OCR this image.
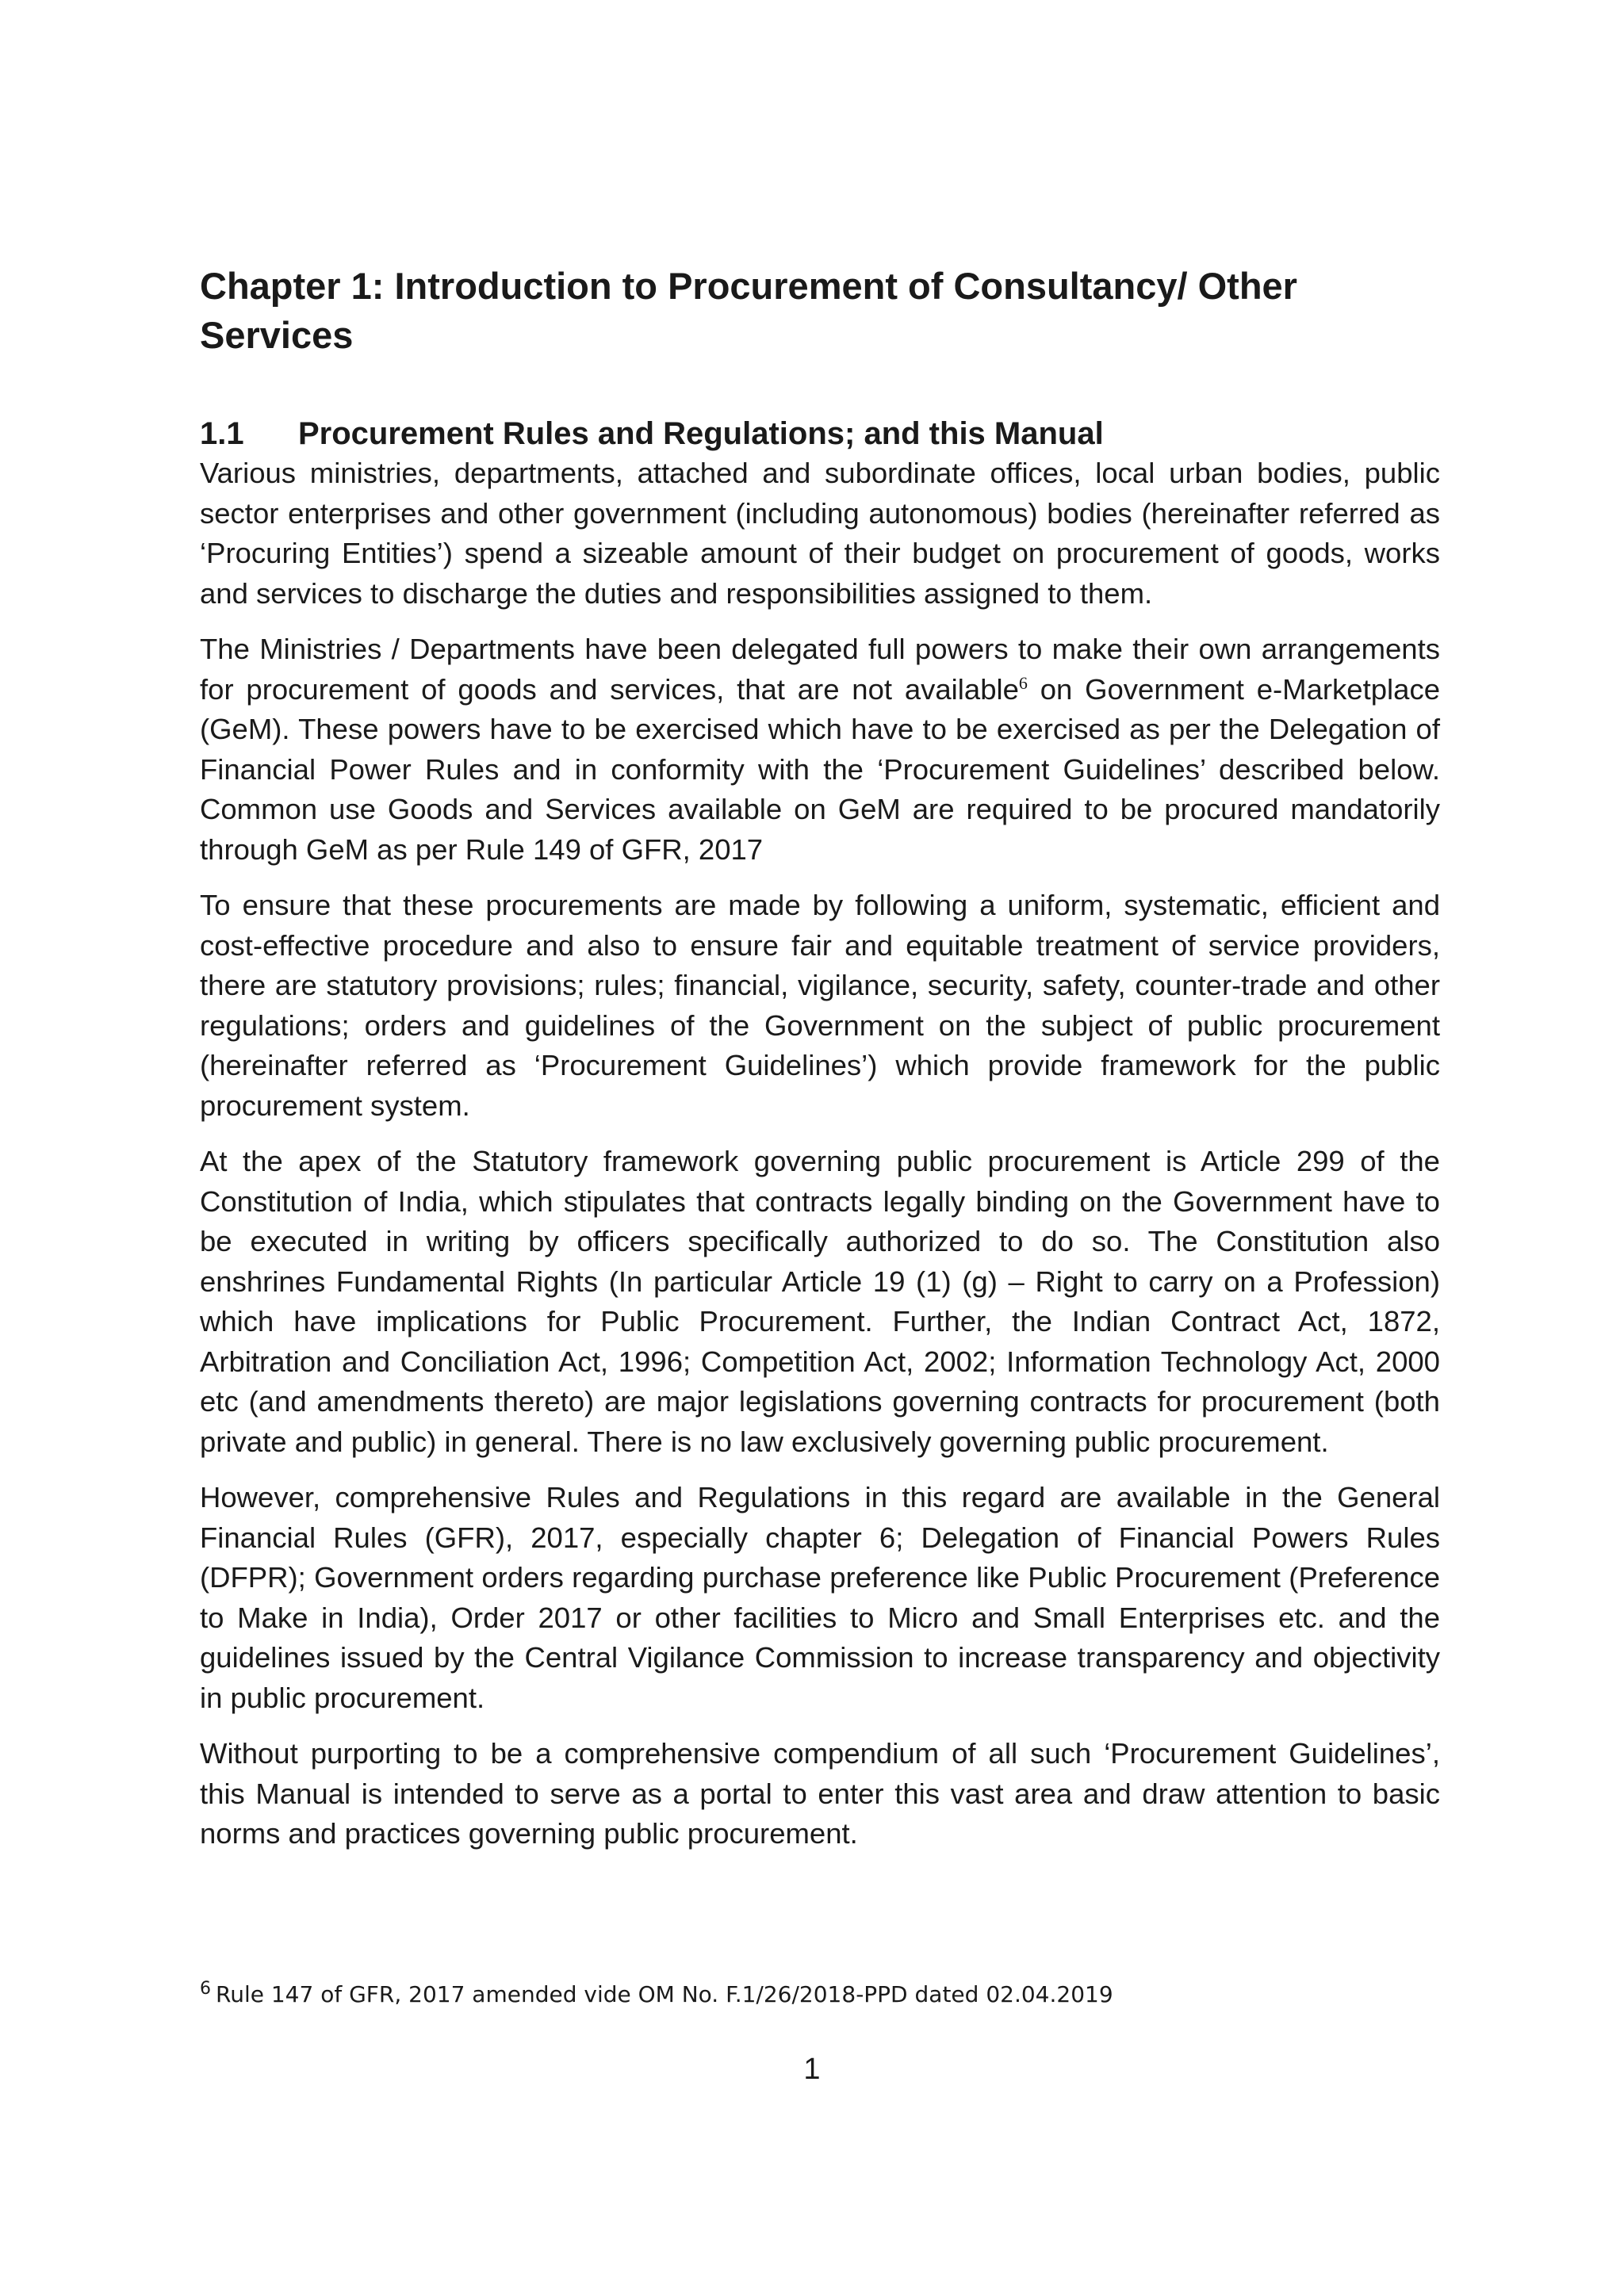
Chapter 1: Introduction to Procurement of Consultancy/ Other Services
1.1 Procurement Rules and Regulations; and this Manual

Various ministries, departments, attached and subordinate offices, local urban bodies, public sector enterprises and other government (including autonomous) bodies (hereinafter referred as ‘Procuring Entities’) spend a sizeable amount of their budget on procurement of goods, works and services to discharge the duties and responsibilities assigned to them.

The Ministries / Departments have been delegated full powers to make their own arrangements for procurement of goods and services, that are not available$^6$ on Government e-Marketplace (GeM). These powers have to be exercised which have to be exercised as per the Delegation of Financial Power Rules and in conformity with the ‘Procurement Guidelines’ described below. Common use Goods and Services available on GeM are required to be procured mandatorily through GeM as per Rule 149 of GFR, 2017

To ensure that these procurements are made by following a uniform, systematic, efficient and cost-effective procedure and also to ensure fair and equitable treatment of service providers, there are statutory provisions; rules; financial, vigilance, security, safety, counter-trade and other regulations; orders and guidelines of the Government on the subject of public procurement (hereinafter referred as ‘Procurement Guidelines’) which provide framework for the public procurement system.

At the apex of the Statutory framework governing public procurement is Article 299 of the Constitution of India, which stipulates that contracts legally binding on the Government have to be executed in writing by officers specifically authorized to do so. The Constitution also enshrines Fundamental Rights (In particular Article 19 (1) (g) – Right to carry on a Profession) which have implications for Public Procurement. Further, the Indian Contract Act, 1872, Arbitration and Conciliation Act, 1996; Competition Act, 2002; Information Technology Act, 2000 etc (and amendments thereto) are major legislations governing contracts for procurement (both private and public) in general. There is no law exclusively governing public procurement.

However, comprehensive Rules and Regulations in this regard are available in the General Financial Rules (GFR), 2017, especially chapter 6; Delegation of Financial Powers Rules (DFPR); Government orders regarding purchase preference like Public Procurement (Preference to Make in India), Order 2017 or other facilities to Micro and Small Enterprises etc. and the guidelines issued by the Central Vigilance Commission to increase transparency and objectivity in public procurement.

Without purporting to be a comprehensive compendium of all such ‘Procurement Guidelines’, this Manual is intended to serve as a portal to enter this vast area and draw attention to basic norms and practices governing public procurement.

$^6$ Rule 147 of GFR, 2017 amended vide OM No. F.1/26/2018-PPD dated 02.04.2019
1
